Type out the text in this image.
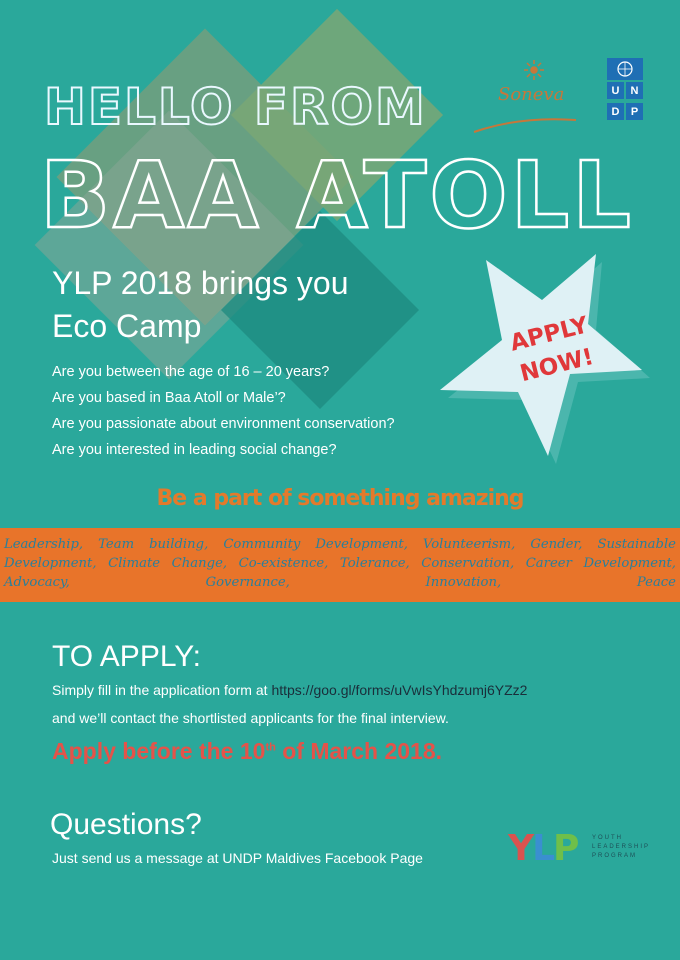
HELLO FROM
BAA ATOLL
Soneva	U	N
D	P
YLP 2018 brings you
Eco Camp
Are you between the age of 16 – 20 years?
Are you based in Baa Atoll or Male’?
Are you passionate about environment conservation?
Are you interested in leading social change?
APPLY
NOW!
Be a part of something amazing
Leadership, Team building, Community Development, Volunteerism, Gender, Sustainable Development, Climate Change, Co-existence, Tolerance, Conservation, Career Development, Advocacy, Governance, Innovation, Peace
TO APPLY:
Simply fill in the application form at https://goo.gl/forms/uVwIsYhdzumj6YZz2
and we’ll contact the shortlisted applicants for the final interview.
Apply before the 10th of March 2018.
Questions?
Just send us a message at UNDP Maldives Facebook Page YLP YOUTH
LEADERSHIP
PROGRAM
